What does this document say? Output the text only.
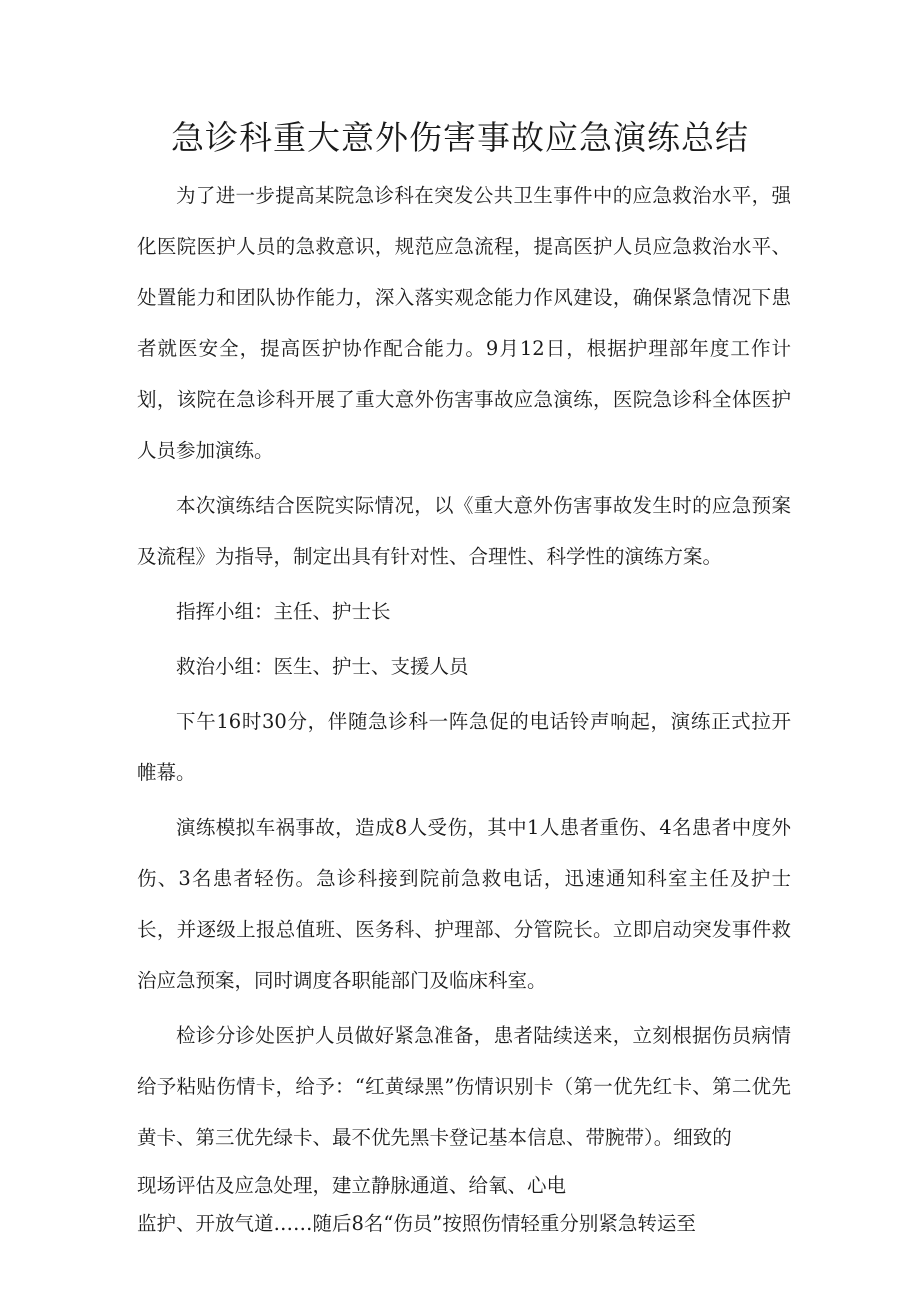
急诊科重大意外伤害事故应急演练总结

为了进一步提高某院急诊科在突发公共卫生事件中的应急救治水平，强化医院医护人员的急救意识，规范应急流程，提高医护人员应急救治水平、处置能力和团队协作能力，深入落实观念能力作风建设，确保紧急情况下患者就医安全，提高医护协作配合能力。9月12日，根据护理部年度工作计划，该院在急诊科开展了重大意外伤害事故应急演练，医院急诊科全体医护人员参加演练。

本次演练结合医院实际情况，以《重大意外伤害事故发生时的应急预案及流程》为指导，制定出具有针对性、合理性、科学性的演练方案。

指挥小组：主任、护士长

救治小组：医生、护士、支援人员

下午16时30分，伴随急诊科一阵急促的电话铃声响起，演练正式拉开帷幕。

演练模拟车祸事故，造成8人受伤，其中1人患者重伤、4名患者中度外伤、3名患者轻伤。急诊科接到院前急救电话，迅速通知科室主任及护士长，并逐级上报总值班、医务科、护理部、分管院长。立即启动突发事件救治应急预案，同时调度各职能部门及临床科室。

检诊分诊处医护人员做好紧急准备，患者陆续送来，立刻根据伤员病情给予粘贴伤情卡，给予：“红黄绿黑”伤情识别卡（第一优先红卡、第二优先黄卡、第三优先绿卡、最不优先黑卡登记基本信息、带腕带）。细致的

现场评估及应急处理，建立静脉通道、给氧、心电

监护、开放气道……随后8名“伤员”按照伤情轻重分别紧急转运至
